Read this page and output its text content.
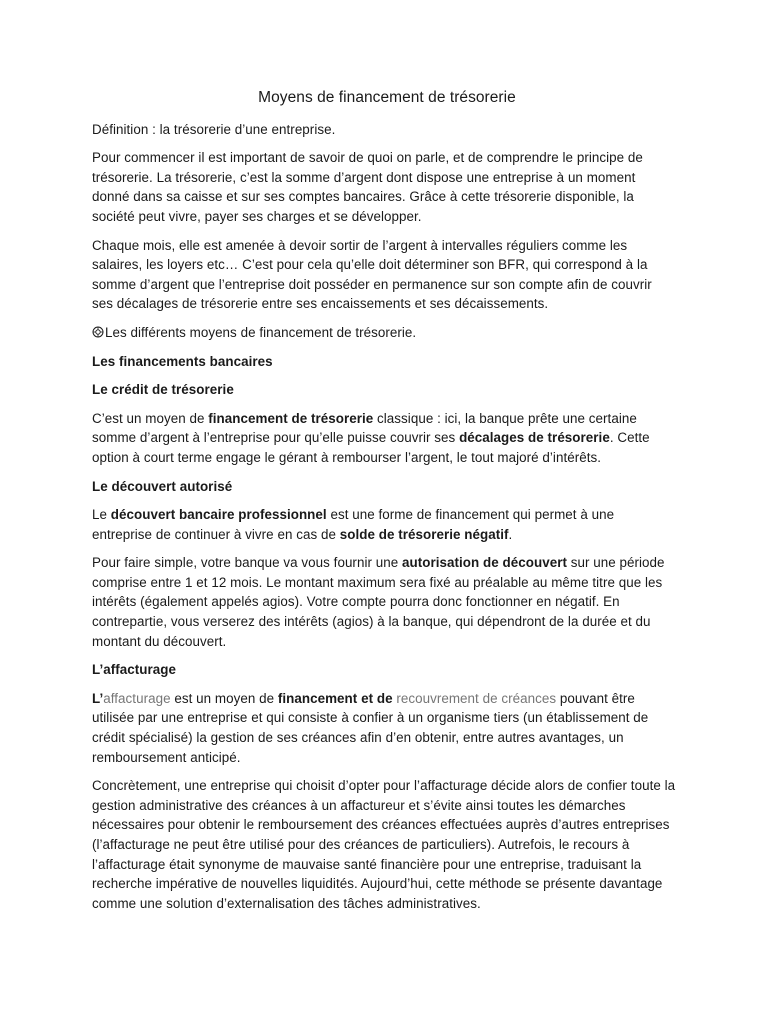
Moyens de financement de trésorerie

Définition : la trésorerie d’une entreprise.

Pour commencer il est important de savoir de quoi on parle, et de comprendre le principe de trésorerie. La trésorerie, c’est la somme d’argent dont dispose une entreprise à un moment donné dans sa caisse et sur ses comptes bancaires. Grâce à cette trésorerie disponible, la société peut vivre, payer ses charges et se développer.

Chaque mois, elle est amenée à devoir sortir de l’argent à intervalles réguliers comme les salaires, les loyers etc… C’est pour cela qu’elle doit déterminer son BFR, qui correspond à la somme d’argent que l’entreprise doit posséder en permanence sur son compte afin de couvrir ses décalages de trésorerie entre ses encaissements et ses décaissements.

Les différents moyens de financement de trésorerie.

Les financements bancaires

Le crédit de trésorerie

C’est un moyen de financement de trésorerie classique : ici, la banque prête une certaine somme d’argent à l’entreprise pour qu’elle puisse couvrir ses décalages de trésorerie. Cette option à court terme engage le gérant à rembourser l’argent, le tout majoré d’intérêts.

Le découvert autorisé

Le découvert bancaire professionnel est une forme de financement qui permet à une entreprise de continuer à vivre en cas de solde de trésorerie négatif.

Pour faire simple, votre banque va vous fournir une autorisation de découvert sur une période comprise entre 1 et 12 mois. Le montant maximum sera fixé au préalable au même titre que les intérêts (également appelés agios). Votre compte pourra donc fonctionner en négatif. En contrepartie, vous verserez des intérêts (agios) à la banque, qui dépendront de la durée et du montant du découvert.

L’affacturage

L’affacturage est un moyen de financement et de recouvrement de créances pouvant être utilisée par une entreprise et qui consiste à confier à un organisme tiers (un établissement de crédit spécialisé) la gestion de ses créances afin d’en obtenir, entre autres avantages, un remboursement anticipé.

Concrètement, une entreprise qui choisit d’opter pour l’affacturage décide alors de confier toute la gestion administrative des créances à un affactureur et s’évite ainsi toutes les démarches nécessaires pour obtenir le remboursement des créances effectuées auprès d’autres entreprises (l’affacturage ne peut être utilisé pour des créances de particuliers). Autrefois, le recours à l’affacturage était synonyme de mauvaise santé financière pour une entreprise, traduisant la recherche impérative de nouvelles liquidités. Aujourd’hui, cette méthode se présente davantage comme une solution d’externalisation des tâches administratives.
